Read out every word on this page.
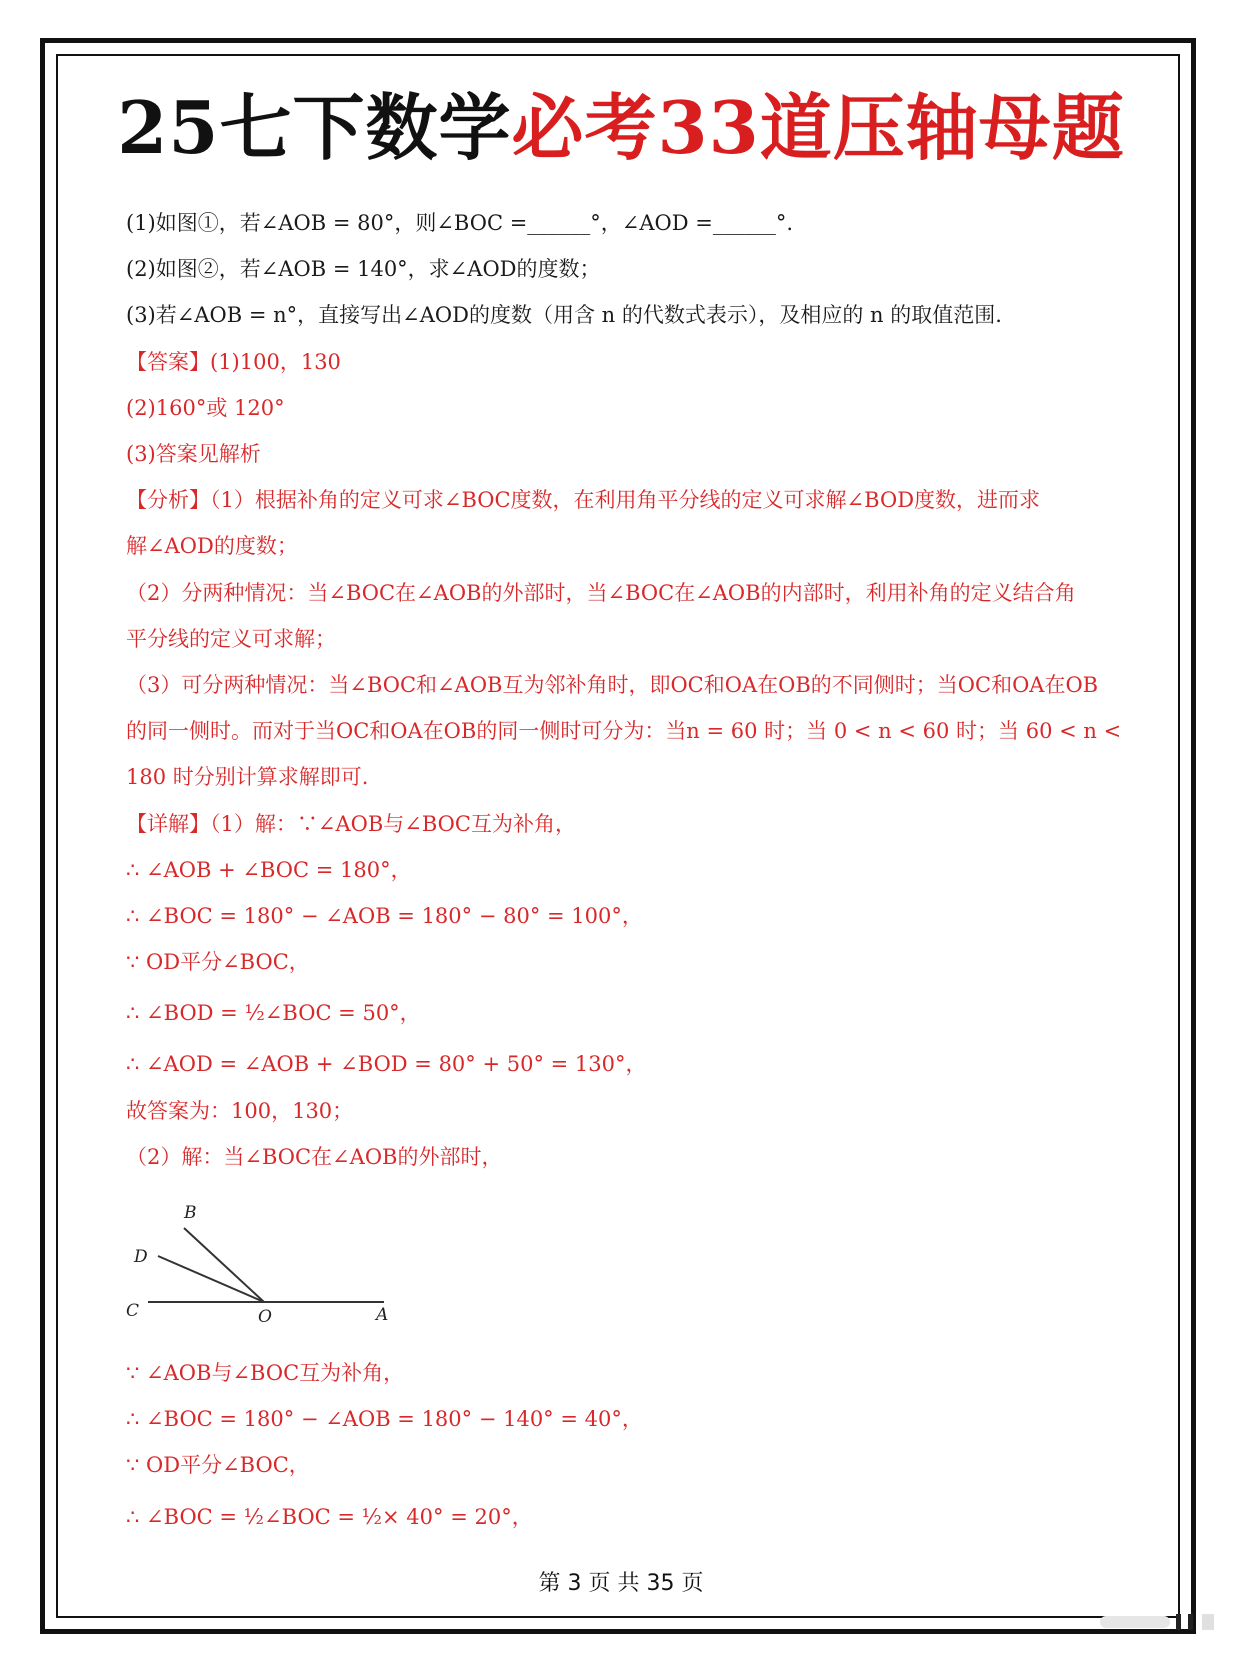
25七下数学必考33道压轴母题
(1)如图①，若∠AOB = 80°，则∠BOC =______°，∠AOD =______°.
(2)如图②，若∠AOB = 140°，求∠AOD的度数；
(3)若∠AOB = n°，直接写出∠AOD的度数（用含 n 的代数式表示），及相应的 n 的取值范围.
【答案】(1)100，130
(2)160°或 120°
(3)答案见解析
【分析】（1）根据补角的定义可求∠BOC度数，在利用角平分线的定义可求解∠BOD度数，进而求
解∠AOD的度数；
（2）分两种情况：当∠BOC在∠AOB的外部时，当∠BOC在∠AOB的内部时，利用补角的定义结合角
平分线的定义可求解；
（3）可分两种情况：当∠BOC和∠AOB互为邻补角时，即OC和OA在OB的不同侧时；当OC和OA在OB
的同一侧时。而对于当OC和OA在OB的同一侧时可分为：当n = 60 时；当 0 < n < 60 时；当 60 < n <
180 时分别计算求解即可.
【详解】（1）解：∵∠AOB与∠BOC互为补角，
∴ ∠AOB + ∠BOC = 180°，
∴ ∠BOC = 180° − ∠AOB = 180° − 80° = 100°，
∵ OD平分∠BOC，
∴ ∠BOD = ½∠BOC = 50°，
∴ ∠AOD = ∠AOB + ∠BOD = 80° + 50° = 130°，
故答案为：100，130；
（2）解：当∠BOC在∠AOB的外部时，
B
D
C	O	A
∵ ∠AOB与∠BOC互为补角，
∴ ∠BOC = 180° − ∠AOB = 180° − 140° = 40°，
∵ OD平分∠BOC，
∴ ∠BOC = ½∠BOC = ½× 40° = 20°，
第 3 页 共 35 页
